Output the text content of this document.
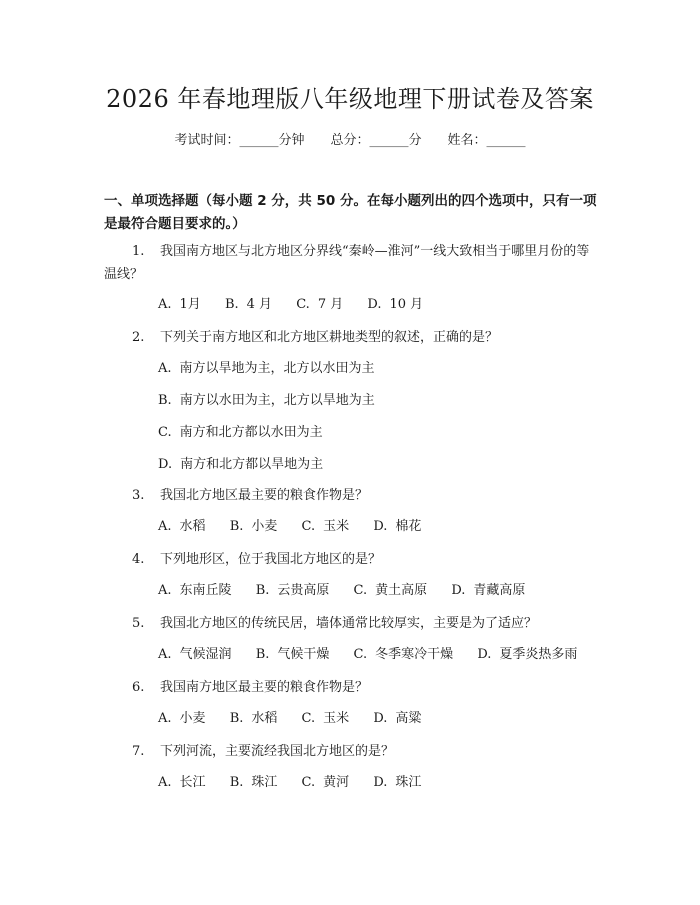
2026 年春地理版八年级地理下册试卷及答案
考试时间：______分钟 总分：______分 姓名：______
一、单项选择题（每小题 2 分，共 50 分。在每小题列出的四个选项中，只有一项是最符合题目要求的。）
1. 我国南方地区与北方地区分界线“秦岭—淮河”一线大致相当于哪里月份的等温线？
A. 1月 B. 4 月 C. 7 月 D. 10 月
2. 下列关于南方地区和北方地区耕地类型的叙述，正确的是？
A. 南方以旱地为主，北方以水田为主
B. 南方以水田为主，北方以旱地为主
C. 南方和北方都以水田为主
D. 南方和北方都以旱地为主
3. 我国北方地区最主要的粮食作物是？
A. 水稻 B. 小麦 C. 玉米 D. 棉花
4. 下列地形区，位于我国北方地区的是？
A. 东南丘陵 B. 云贵高原 C. 黄土高原 D. 青藏高原
5. 我国北方地区的传统民居，墙体通常比较厚实，主要是为了适应？
A. 气候湿润 B. 气候干燥 C. 冬季寒冷干燥 D. 夏季炎热多雨
6. 我国南方地区最主要的粮食作物是？
A. 小麦 B. 水稻 C. 玉米 D. 高粱
7. 下列河流，主要流经我国北方地区的是？
A. 长江 B. 珠江 C. 黄河 D. 珠江
